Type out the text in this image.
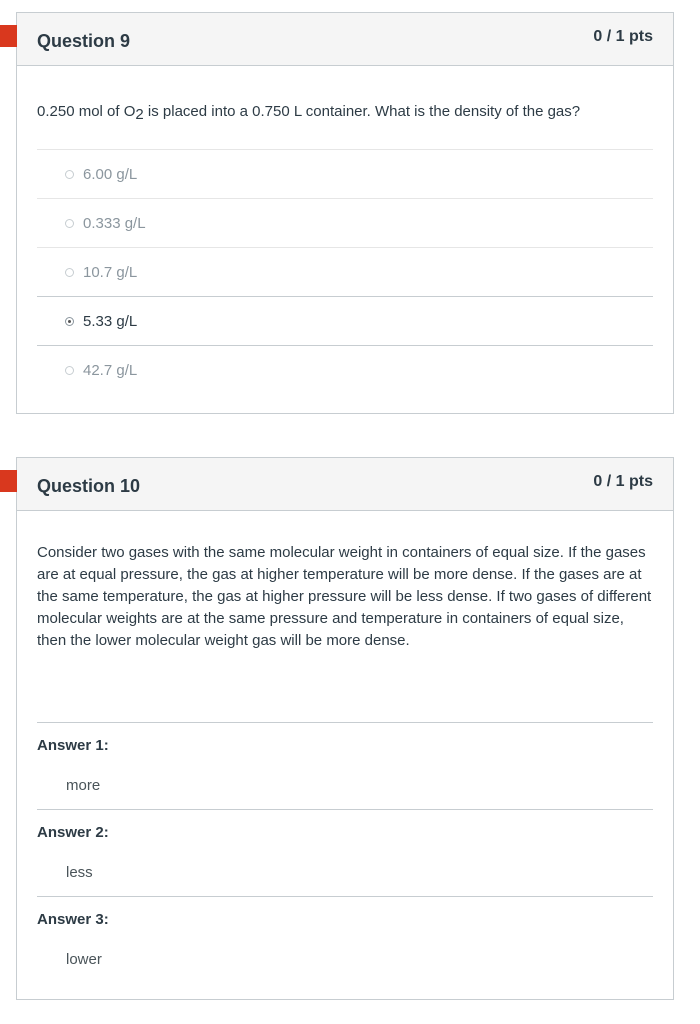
Question 9	0 / 1 pts
0.250 mol of $O_2$ is placed into a 0.750 L container. What is the density of the gas?
6.00 g/L
0.333 g/L
10.7 g/L
5.33 g/L
42.7 g/L
Question 10	0 / 1 pts
Consider two gases with the same molecular weight in containers of equal size. If the gases are at equal pressure, the gas at higher temperature will be more dense. If the gases are at the same temperature, the gas at higher pressure will be less dense. If two gases of different molecular weights are at the same pressure and temperature in containers of equal size, then the lower molecular weight gas will be more dense.
Answer 1:
more
Answer 2:
less
Answer 3:
lower
